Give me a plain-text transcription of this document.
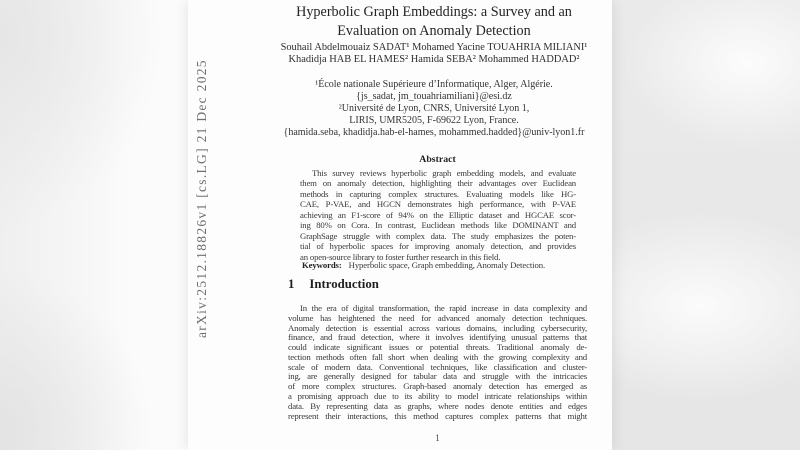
arXiv:2512.18826v1 [cs.LG] 21 Dec 2025
Hyperbolic Graph Embeddings: a Survey and an
Evaluation on Anomaly Detection
Souhail Abdelmouaiz SADAT¹ Mohamed Yacine TOUAHRIA MILIANI¹
Khadidja HAB EL HAMES² Hamida SEBA² Mohammed HADDAD²
¹École nationale Supérieure d’Informatique, Alger, Algérie.
{js_sadat, jm_touahriamiliani}@esi.dz
²Université de Lyon, CNRS, Université Lyon 1,
LIRIS, UMR5205, F-69622 Lyon, France.
{hamida.seba, khadidja.hab-el-hames, mohammed.hadded}@univ-lyon1.fr
Abstract
This survey reviews hyperbolic graph embedding models, and evaluate
them on anomaly detection, highlighting their advantages over Euclidean
methods in capturing complex structures. Evaluating models like HG-
CAE, P-VAE, and HGCN demonstrates high performance, with P-VAE
achieving an F1-score of 94% on the Elliptic dataset and HGCAE scor-
ing 80% on Cora. In contrast, Euclidean methods like DOMINANT and
GraphSage struggle with complex data. The study emphasizes the poten-
tial of hyperbolic spaces for improving anomaly detection, and provides
an open-source library to foster further research in this field.
Keywords: Hyperbolic space, Graph embedding, Anomaly Detection.
1 Introduction
In the era of digital transformation, the rapid increase in data complexity and
volume has heightened the need for advanced anomaly detection techniques.
Anomaly detection is essential across various domains, including cybersecurity,
finance, and fraud detection, where it involves identifying unusual patterns that
could indicate significant issues or potential threats. Traditional anomaly de-
tection methods often fall short when dealing with the growing complexity and
scale of modern data. Conventional techniques, like classification and cluster-
ing, are generally designed for tabular data and struggle with the intricacies
of more complex structures. Graph-based anomaly detection has emerged as
a promising approach due to its ability to model intricate relationships within
data. By representing data as graphs, where nodes denote entities and edges
represent their interactions, this method captures complex patterns that might
1
